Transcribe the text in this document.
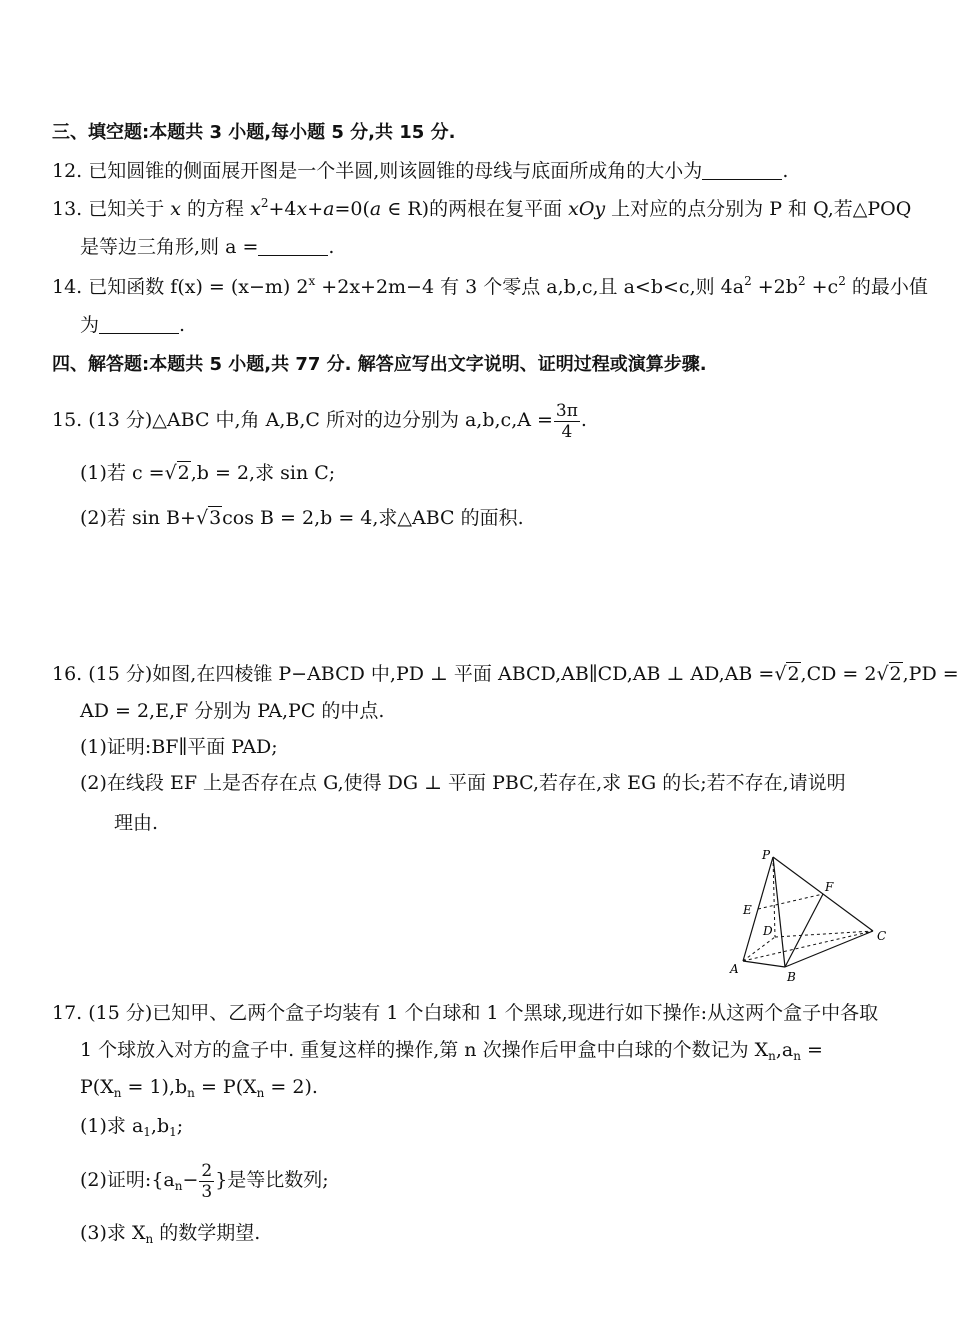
三、填空题:本题共 3 小题,每小题 5 分,共 15 分.
12. 已知圆锥的侧面展开图是一个半圆,则该圆锥的母线与底面所成角的大小为	.
13. 已知关于 x 的方程 $x^2+4x+a=0(a$ ∈ R)的两根在复平面 xOy 上对应的点分别为 P 和 Q,若△POQ
是等边三角形,则 a =	.
14. 已知函数 f(x) = (x−m) $2^x +2x+2m-4$ 有 3 个零点 a,b,c,且 a<b<c,则 $4a^2 +2b^2 +c^2$ 的最小值
为	.
四、解答题:本题共 5 小题,共 77 分. 解答应写出文字说明、证明过程或演算步骤.
15. (13 分)△ABC 中,角 A,B,C 所对的边分别为 $a,b,c,A = \frac{3\pi}{4}$ .
(1)若 c =√2,b = 2,求 sin C;
(2)若 sin B+√3cos B = 2,b = 4,求△ABC 的面积.
16. (15 分)如图,在四棱锥 P−ABCD 中,PD ⊥ 平面 ABCD,AB∥CD,AB ⊥ AD,AB =√2,CD = 2√2,PD =
AD = 2,E,F 分别为 PA,PC 的中点.
(1)证明:BF∥平面 PAD;
(2)在线段 EF 上是否存在点 G,使得 DG ⊥ 平面 PBC,若存在,求 EG 的长;若不存在,请说明
理由.
P
F
E
D	C
A
B
17. (15 分)已知甲、乙两个盒子均装有 1 个白球和 1 个黑球,现进行如下操作:从这两个盒子中各取
1 个球放入对方的盒子中. 重复这样的操作,第 n 次操作后甲盒中白球的个数记为 $X_n,a_n$ =
$P(X_n = 1),b_n = P(X_n = 2)$.
(1)求 $a_1,b_1$;
(2)证明$:\{a_n- \frac{2}{3}$ }是等比数列;
(3)求 $X_n$ 的数学期望.
